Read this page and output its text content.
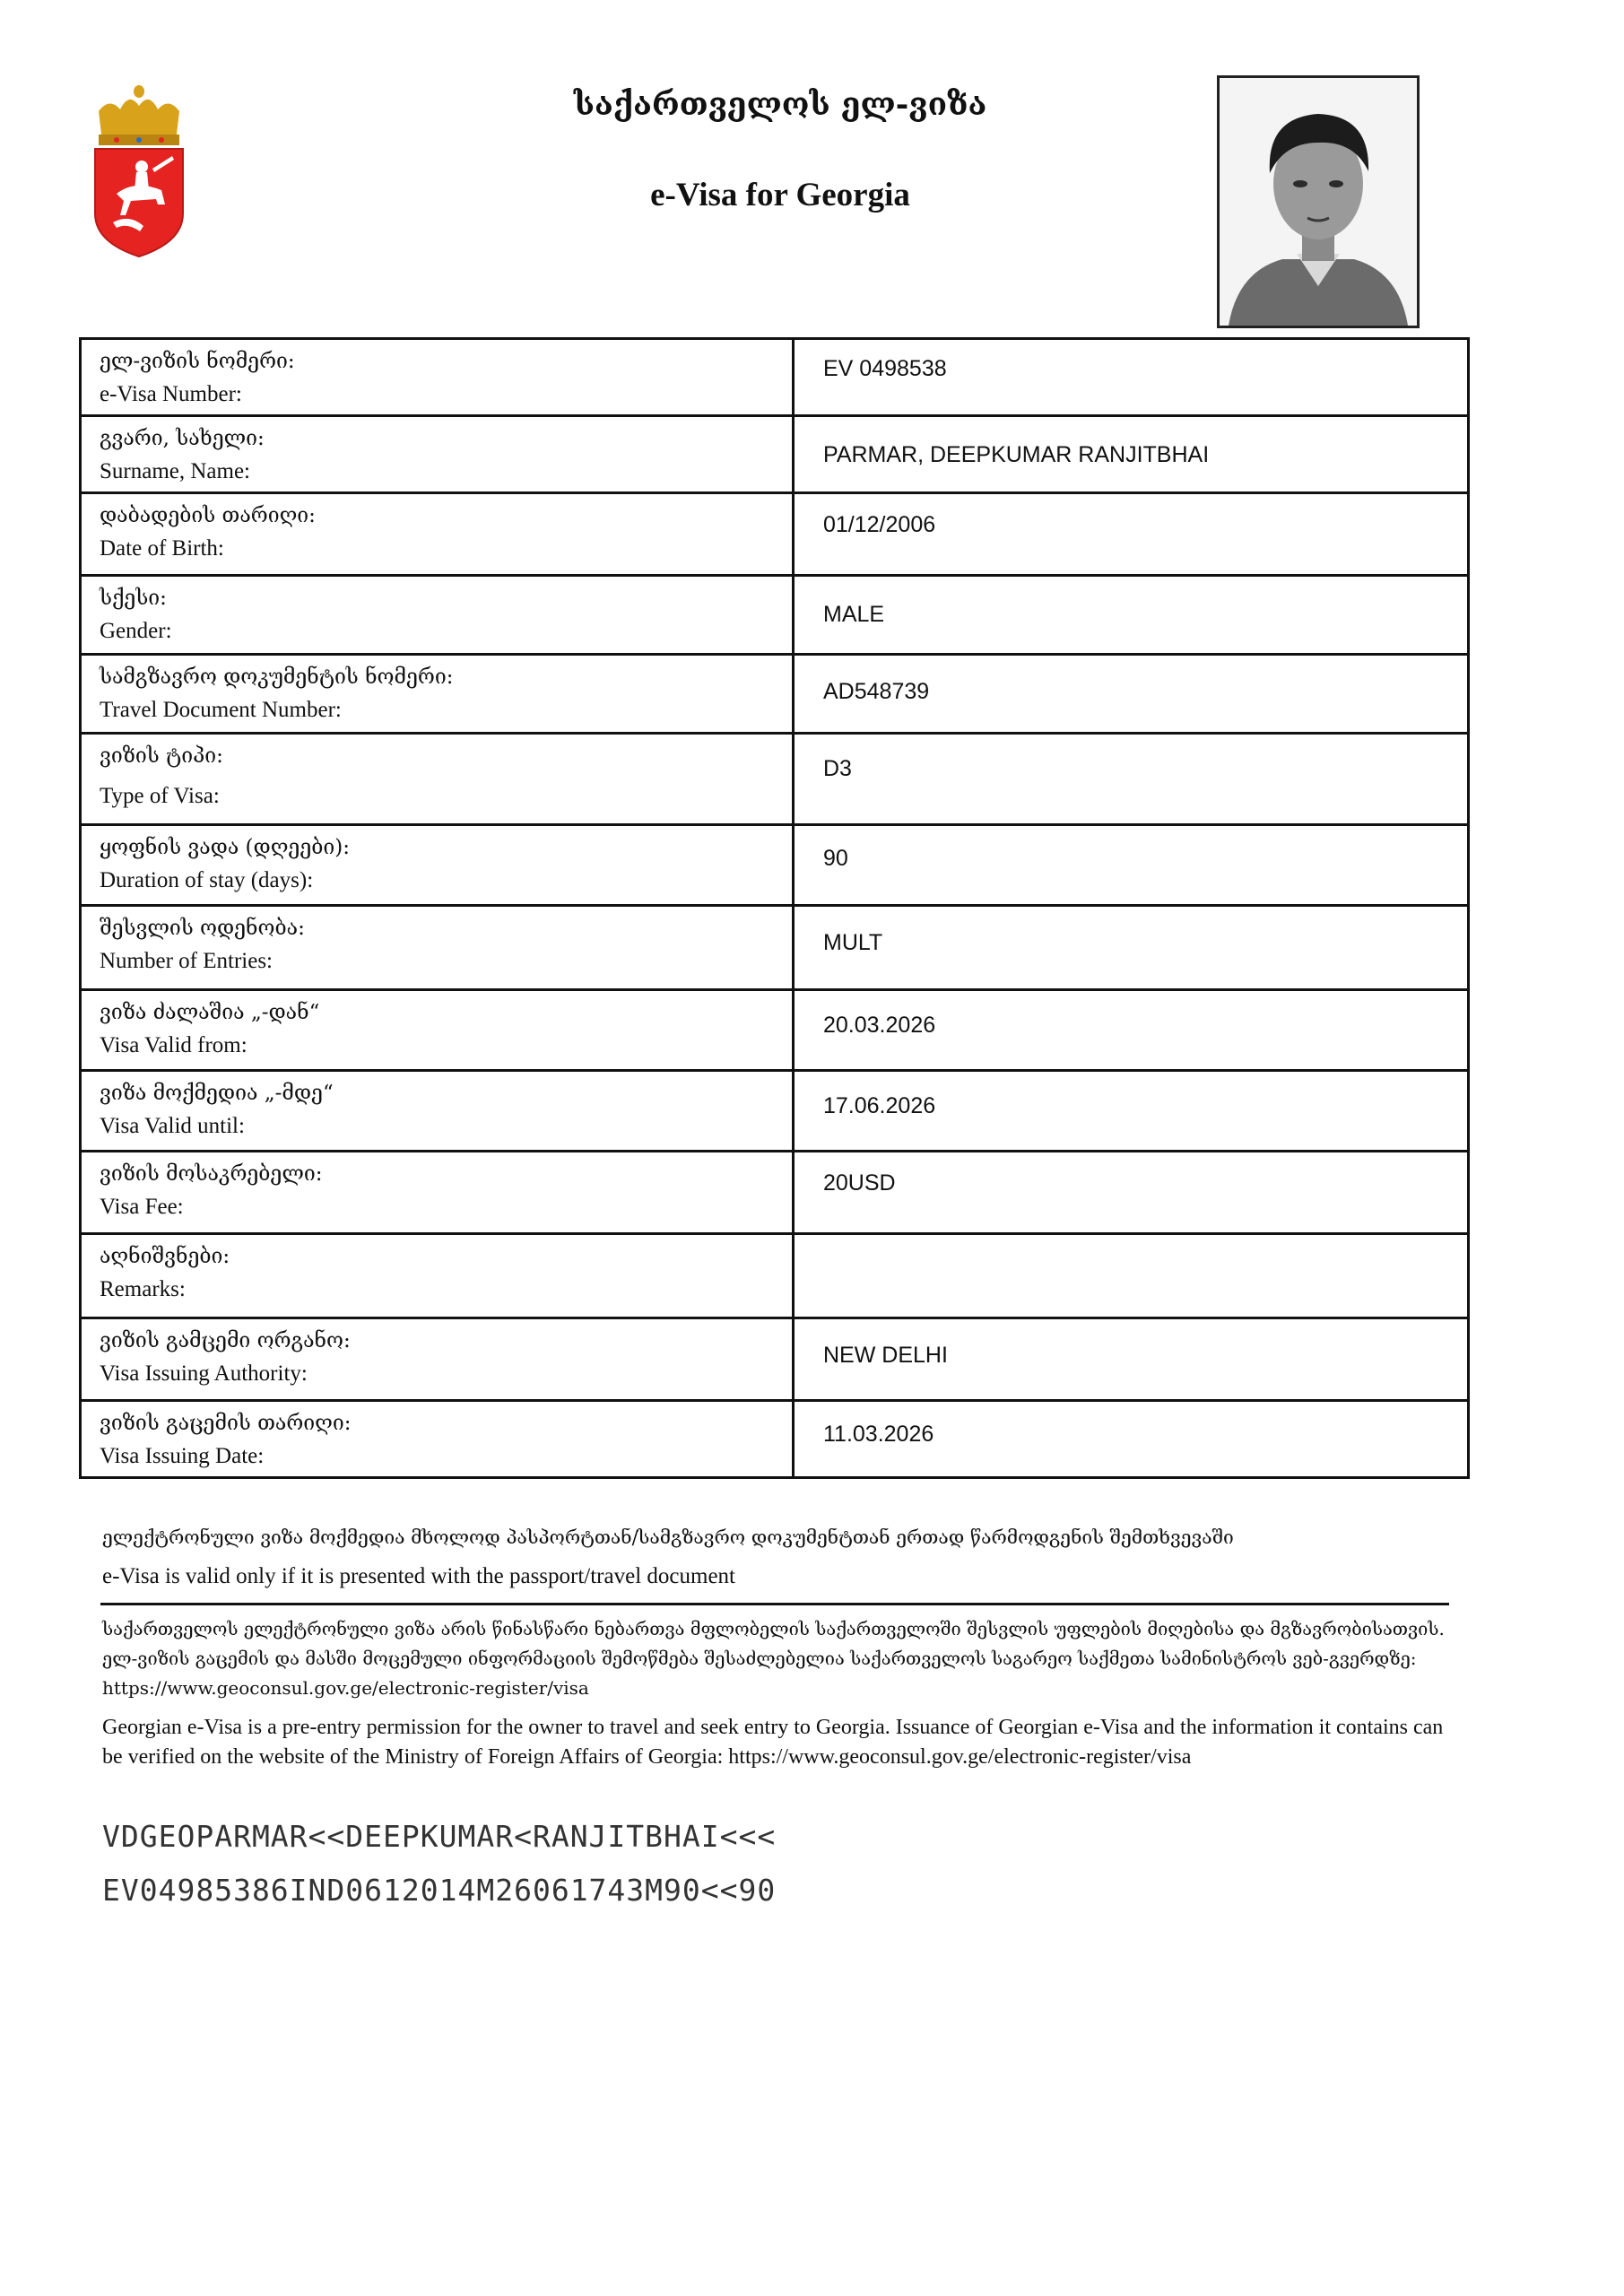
საქართველოს ელ-ვიზა
e-Visa for Georgia
ელ-ვიზის ნომერი:
e-Visa Number:	EV 0498538

გვარი, სახელი:
Surname, Name:	PARMAR, DEEPKUMAR RANJITBHAI

დაბადების თარიღი:
Date of Birth:	01/12/2006

სქესი:
Gender:	MALE

სამგზავრო დოკუმენტის ნომერი:
Travel Document Number:	AD548739

ვიზის ტიპი:
Type of Visa:	D3

ყოფნის ვადა (დღეები):
Duration of stay (days):	90

შესვლის ოდენობა:
Number of Entries:	MULT

ვიზა ძალაშია „-დან“
Visa Valid from:	20.03.2026

ვიზა მოქმედია „-მდე“
Visa Valid until:	17.06.2026

ვიზის მოსაკრებელი:
Visa Fee:	20USD

აღნიშვნები:
Remarks:	

ვიზის გამცემი ორგანო:
Visa Issuing Authority:	NEW DELHI

ვიზის გაცემის თარიღი:
Visa Issuing Date:	11.03.2026
ელექტრონული ვიზა მოქმედია მხოლოდ პასპორტთან/სამგზავრო დოკუმენტთან ერთად წარმოდგენის შემთხვევაში
e-Visa is valid only if it is presented with the passport/travel document
საქართველოს ელექტრონული ვიზა არის წინასწარი ნებართვა მფლობელის საქართველოში შესვლის უფლების მიღებისა და მგზავრობისათვის. ელ-ვიზის გაცემის და მასში მოცემული ინფორმაციის შემოწმება შესაძლებელია საქართველოს საგარეო საქმეთა სამინისტროს ვებ-გვერდზე: https://www.geoconsul.gov.ge/electronic-register/visa
Georgian e-Visa is a pre-entry permission for the owner to travel and seek entry to Georgia. Issuance of Georgian e-Visa and the information it contains can be verified on the website of the Ministry of Foreign Affairs of Georgia: https://www.geoconsul.gov.ge/electronic-register/visa
VDGEOPARMAR<<DEEPKUMAR<RANJITBHAI<<<
EV04985386IND0612014M26061743M90<<90
